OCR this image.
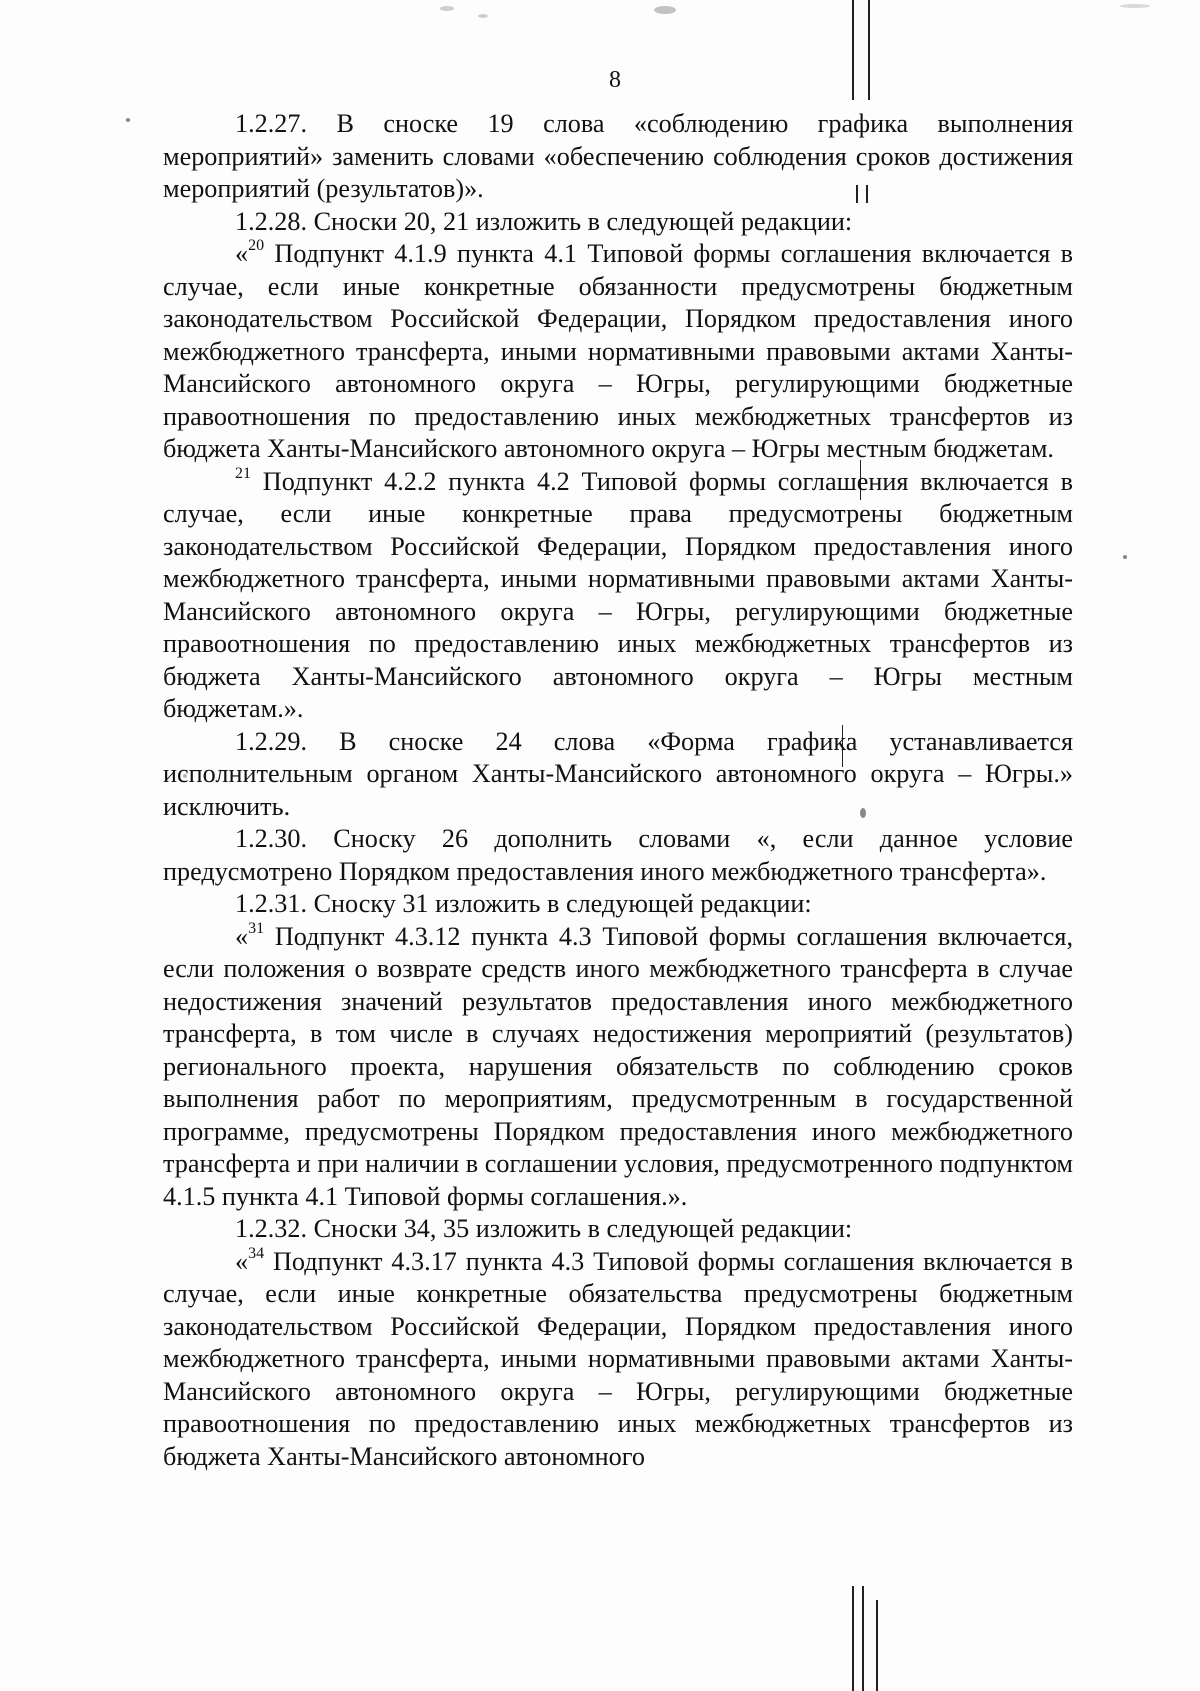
8

1.2.27. В сноске 19 слова «соблюдению графика выполнения мероприятий» заменить словами «обеспечению соблюдения сроков достижения мероприятий (результатов)».

1.2.28. Сноски 20, 21 изложить в следующей редакции:

«$^{20}$ Подпункт 4.1.9 пункта 4.1 Типовой формы соглашения включается в случае, если иные конкретные обязанности предусмотрены бюджетным законодательством Российской Федерации, Порядком предоставления иного межбюджетного трансферта, иными нормативными правовыми актами Ханты-Мансийского автономного округа – Югры, регулирующими бюджетные правоотношения по предоставлению иных межбюджетных трансфертов из бюджета Ханты-Мансийского автономного округа – Югры местным бюджетам.

$^{21}$ Подпункт 4.2.2 пункта 4.2 Типовой формы соглашения включается в случае, если иные конкретные права предусмотрены бюджетным законодательством Российской Федерации, Порядком предоставления иного межбюджетного трансферта, иными нормативными правовыми актами Ханты-Мансийского автономного округа – Югры, регулирующими бюджетные правоотношения по предоставлению иных межбюджетных трансфертов из бюджета Ханты-Мансийского автономного округа – Югры местным бюджетам.».

1.2.29. В сноске 24 слова «Форма графика устанавливается исполнительным органом Ханты-Мансийского автономного округа – Югры.» исключить.

1.2.30. Сноску 26 дополнить словами «, если данное условие предусмотрено Порядком предоставления иного межбюджетного трансферта».

1.2.31. Сноску 31 изложить в следующей редакции:

«$^{31}$ Подпункт 4.3.12 пункта 4.3 Типовой формы соглашения включается, если положения о возврате средств иного межбюджетного трансферта в случае недостижения значений результатов предоставления иного межбюджетного трансферта, в том числе в случаях недостижения мероприятий (результатов) регионального проекта, нарушения обязательств по соблюдению сроков выполнения работ по мероприятиям, предусмотренным в государственной программе, предусмотрены Порядком предоставления иного межбюджетного трансферта и при наличии в соглашении условия, предусмотренного подпунктом 4.1.5 пункта 4.1 Типовой формы соглашения.».

1.2.32. Сноски 34, 35 изложить в следующей редакции:

«$^{34}$ Подпункт 4.3.17 пункта 4.3 Типовой формы соглашения включается в случае, если иные конкретные обязательства предусмотрены бюджетным законодательством Российской Федерации, Порядком предоставления иного межбюджетного трансферта, иными нормативными правовыми актами Ханты-Мансийского автономного округа – Югры, регулирующими бюджетные правоотношения по предоставлению иных межбюджетных трансфертов из бюджета Ханты-Мансийского автономного
